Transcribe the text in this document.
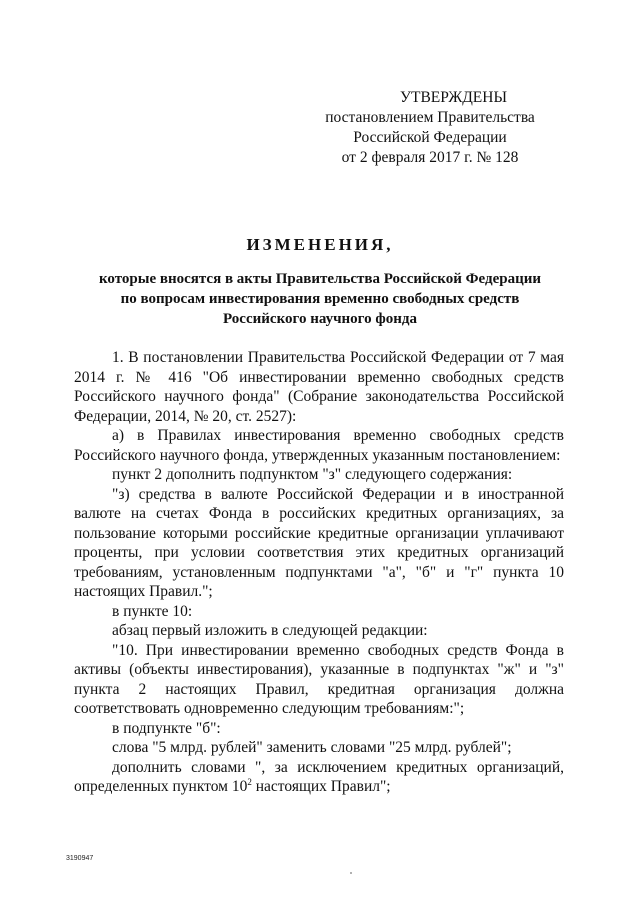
УТВЕРЖДЕНЫ
постановлением Правительства
Российской Федерации
от 2 февраля 2017 г. № 128
ИЗМЕНЕНИЯ,
которые вносятся в акты Правительства Российской Федерации
по вопросам инвестирования временно свободных средств
Российского научного фонда

1. В постановлении Правительства Российской Федерации от 7 мая 2014 г. № 416 "Об инвестировании временно свободных средств Российского научного фонда" (Собрание законодательства Российской Федерации, 2014, № 20, ст. 2527):

а) в Правилах инвестирования временно свободных средств Российского научного фонда, утвержденных указанным постановлением:

пункт 2 дополнить подпунктом "з" следующего содержания:

"з) средства в валюте Российской Федерации и в иностранной валюте на счетах Фонда в российских кредитных организациях, за пользование которыми российские кредитные организации уплачивают проценты, при условии соответствия этих кредитных организаций требованиям, установленным подпунктами "а", "б" и "г" пункта 10 настоящих Правил.";

в пункте 10:

абзац первый изложить в следующей редакции:

"10. При инвестировании временно свободных средств Фонда в активы (объекты инвестирования), указанные в подпунктах "ж" и "з" пункта 2 настоящих Правил, кредитная организация должна соответствовать одновременно следующим требованиям:";

в подпункте "б":

слова "5 млрд. рублей" заменить словами "25 млрд. рублей";

дополнить словами ", за исключением кредитных организаций, определенных пунктом $10^2$ настоящих Правил";

3190947
